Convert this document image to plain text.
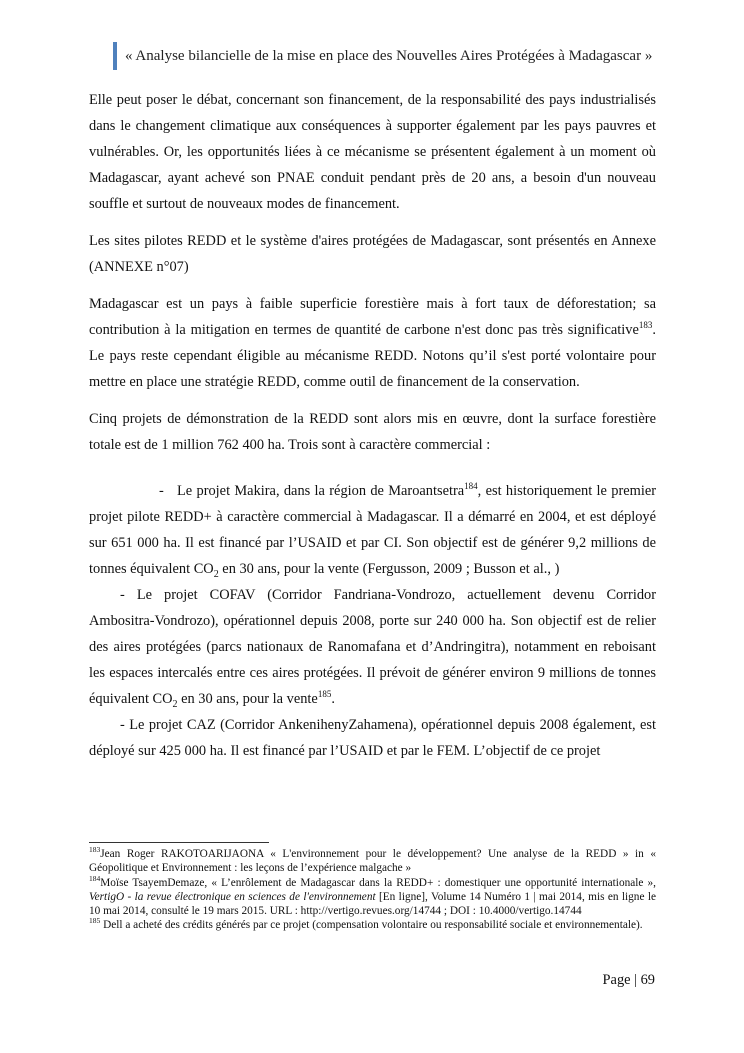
« Analyse bilancielle de la mise en place des Nouvelles Aires Protégées à Madagascar »

Elle peut poser le débat, concernant son financement, de la responsabilité des pays industrialisés dans le changement climatique aux conséquences à supporter également par les pays pauvres et vulnérables. Or, les opportunités liées à ce mécanisme se présentent également à un moment où Madagascar, ayant achevé son PNAE conduit pendant près de 20 ans, a besoin d'un nouveau souffle et surtout de nouveaux modes de financement.

Les sites pilotes REDD et le système d'aires protégées de Madagascar, sont présentés en Annexe (ANNEXE n°07)

Madagascar est un pays à faible superficie forestière mais à fort taux de déforestation; sa contribution à la mitigation en termes de quantité de carbone n'est donc pas très significative$^{183}$. Le pays reste cependant éligible au mécanisme REDD. Notons qu’il s'est porté volontaire pour mettre en place une stratégie REDD, comme outil de financement de la conservation.

Cinq projets de démonstration de la REDD sont alors mis en œuvre, dont la surface forestière totale est de 1 million 762 400 ha. Trois sont à caractère commercial :

- Le projet Makira, dans la région de Maroantsetra$^{184}$, est historiquement le premier projet pilote REDD+ à caractère commercial à Madagascar. Il a démarré en 2004, et est déployé sur 651 000 ha. Il est financé par l’USAID et par CI. Son objectif est de générer 9,2 millions de tonnes équivalent $CO_2$ en 30 ans, pour la vente (Fergusson, 2009 ; Busson et al., )

- Le projet COFAV (Corridor Fandriana-Vondrozo, actuellement devenu Corridor Ambositra-Vondrozo), opérationnel depuis 2008, porte sur 240 000 ha. Son objectif est de relier des aires protégées (parcs nationaux de Ranomafana et d’Andringitra), notamment en reboisant les espaces intercalés entre ces aires protégées. Il prévoit de générer environ 9 millions de tonnes équivalent $CO_2$ en 30 ans, pour la vente$^{185}$.

- Le projet CAZ (Corridor AnkenihenyZahamena), opérationnel depuis 2008 également, est déployé sur 425 000 ha. Il est financé par l’USAID et par le FEM. L’objectif de ce projet

$^{183}$Jean Roger RAKOTOARIJAONA « L'environnement pour le développement? Une analyse de la REDD » in « Géopolitique et Environnement : les leçons de l’expérience malgache »

$^{184}$Moïse TsayemDemaze, « L’enrôlement de Madagascar dans la REDD+ : domestiquer une opportunité internationale », VertigO - la revue électronique en sciences de l'environnement [En ligne], Volume 14 Numéro 1 | mai 2014, mis en ligne le 10 mai 2014, consulté le 19 mars 2015. URL : http://vertigo.revues.org/14744 ; DOI : 10.4000/vertigo.14744

$^{185}$ Dell a acheté des crédits générés par ce projet (compensation volontaire ou responsabilité sociale et environnementale).

Page | 69
